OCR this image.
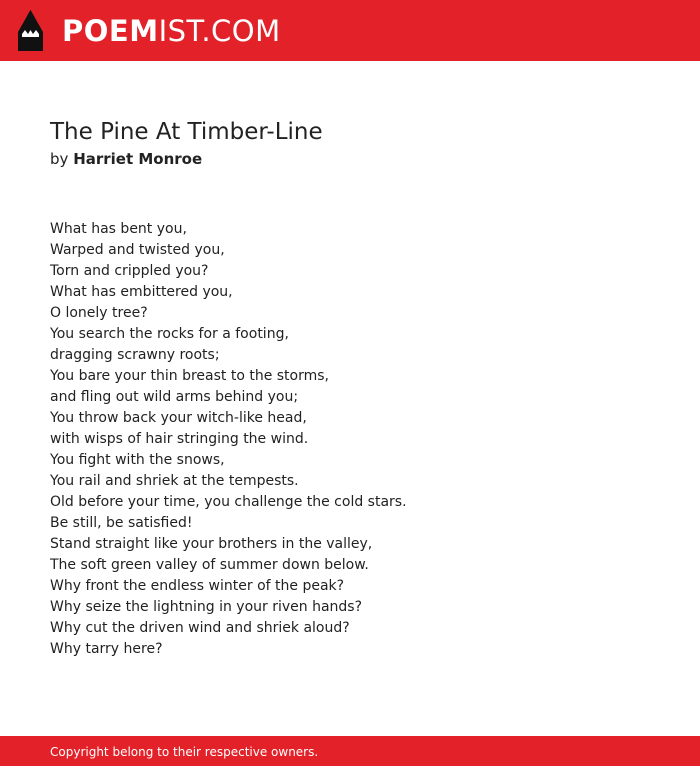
POEMIST.COM
The Pine At Timber-Line
by Harriet Monroe
What has bent you,
Warped and twisted you,
Torn and crippled you?
What has embittered you,
O lonely tree?
You search the rocks for a footing,
dragging scrawny roots;
You bare your thin breast to the storms,
and fling out wild arms behind you;
You throw back your witch-like head,
with wisps of hair stringing the wind.
You fight with the snows,
You rail and shriek at the tempests.
Old before your time, you challenge the cold stars.
Be still, be satisfied!
Stand straight like your brothers in the valley,
The soft green valley of summer down below.
Why front the endless winter of the peak?
Why seize the lightning in your riven hands?
Why cut the driven wind and shriek aloud?
Why tarry here?
Copyright belong to their respective owners.
